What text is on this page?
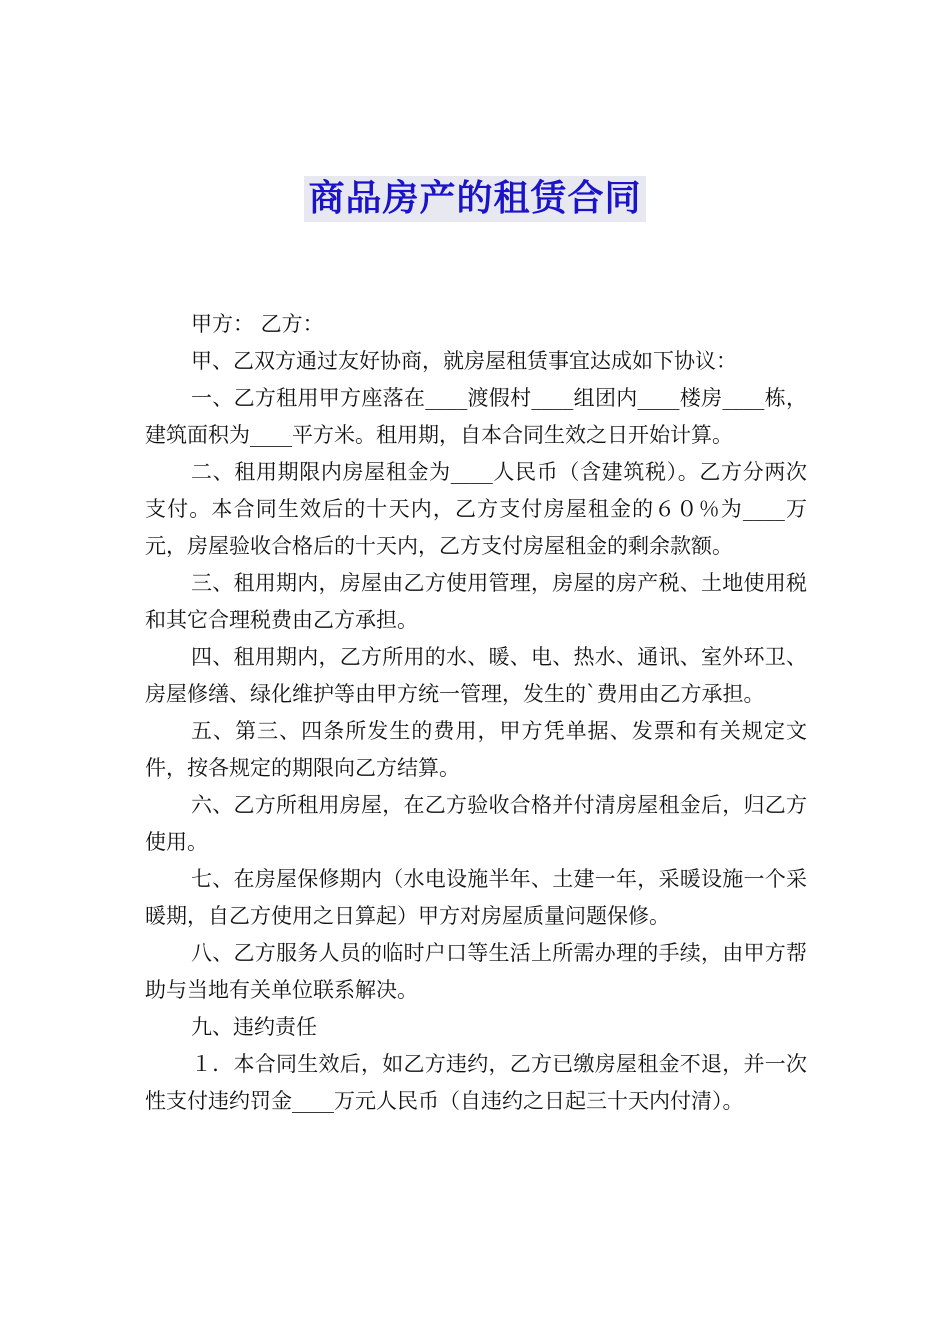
商品房产的租赁合同

甲方： 乙方：

甲、乙双方通过友好协商，就房屋租赁事宜达成如下协议：

一、乙方租用甲方座落在____渡假村____组团内____楼房____栋，建筑面积为____平方米。租用期，自本合同生效之日开始计算。

二、租用期限内房屋租金为____人民币（含建筑税）。乙方分两次支付。本合同生效后的十天内，乙方支付房屋租金的６０％为____万元，房屋验收合格后的十天内，乙方支付房屋租金的剩余款额。

三、租用期内，房屋由乙方使用管理，房屋的房产税、土地使用税和其它合理税费由乙方承担。

四、租用期内，乙方所用的水、暖、电、热水、通讯、室外环卫、房屋修缮、绿化维护等由甲方统一管理，发生的`费用由乙方承担。

五、第三、四条所发生的费用，甲方凭单据、发票和有关规定文件，按各规定的期限向乙方结算。

六、乙方所租用房屋，在乙方验收合格并付清房屋租金后，归乙方使用。

七、在房屋保修期内（水电设施半年、土建一年，采暖设施一个采暖期，自乙方使用之日算起）甲方对房屋质量问题保修。

八、乙方服务人员的临时户口等生活上所需办理的手续，由甲方帮助与当地有关单位联系解决。

九、违约责任

１．本合同生效后，如乙方违约，乙方已缴房屋租金不退，并一次性支付违约罚金____万元人民币（自违约之日起三十天内付清）。
